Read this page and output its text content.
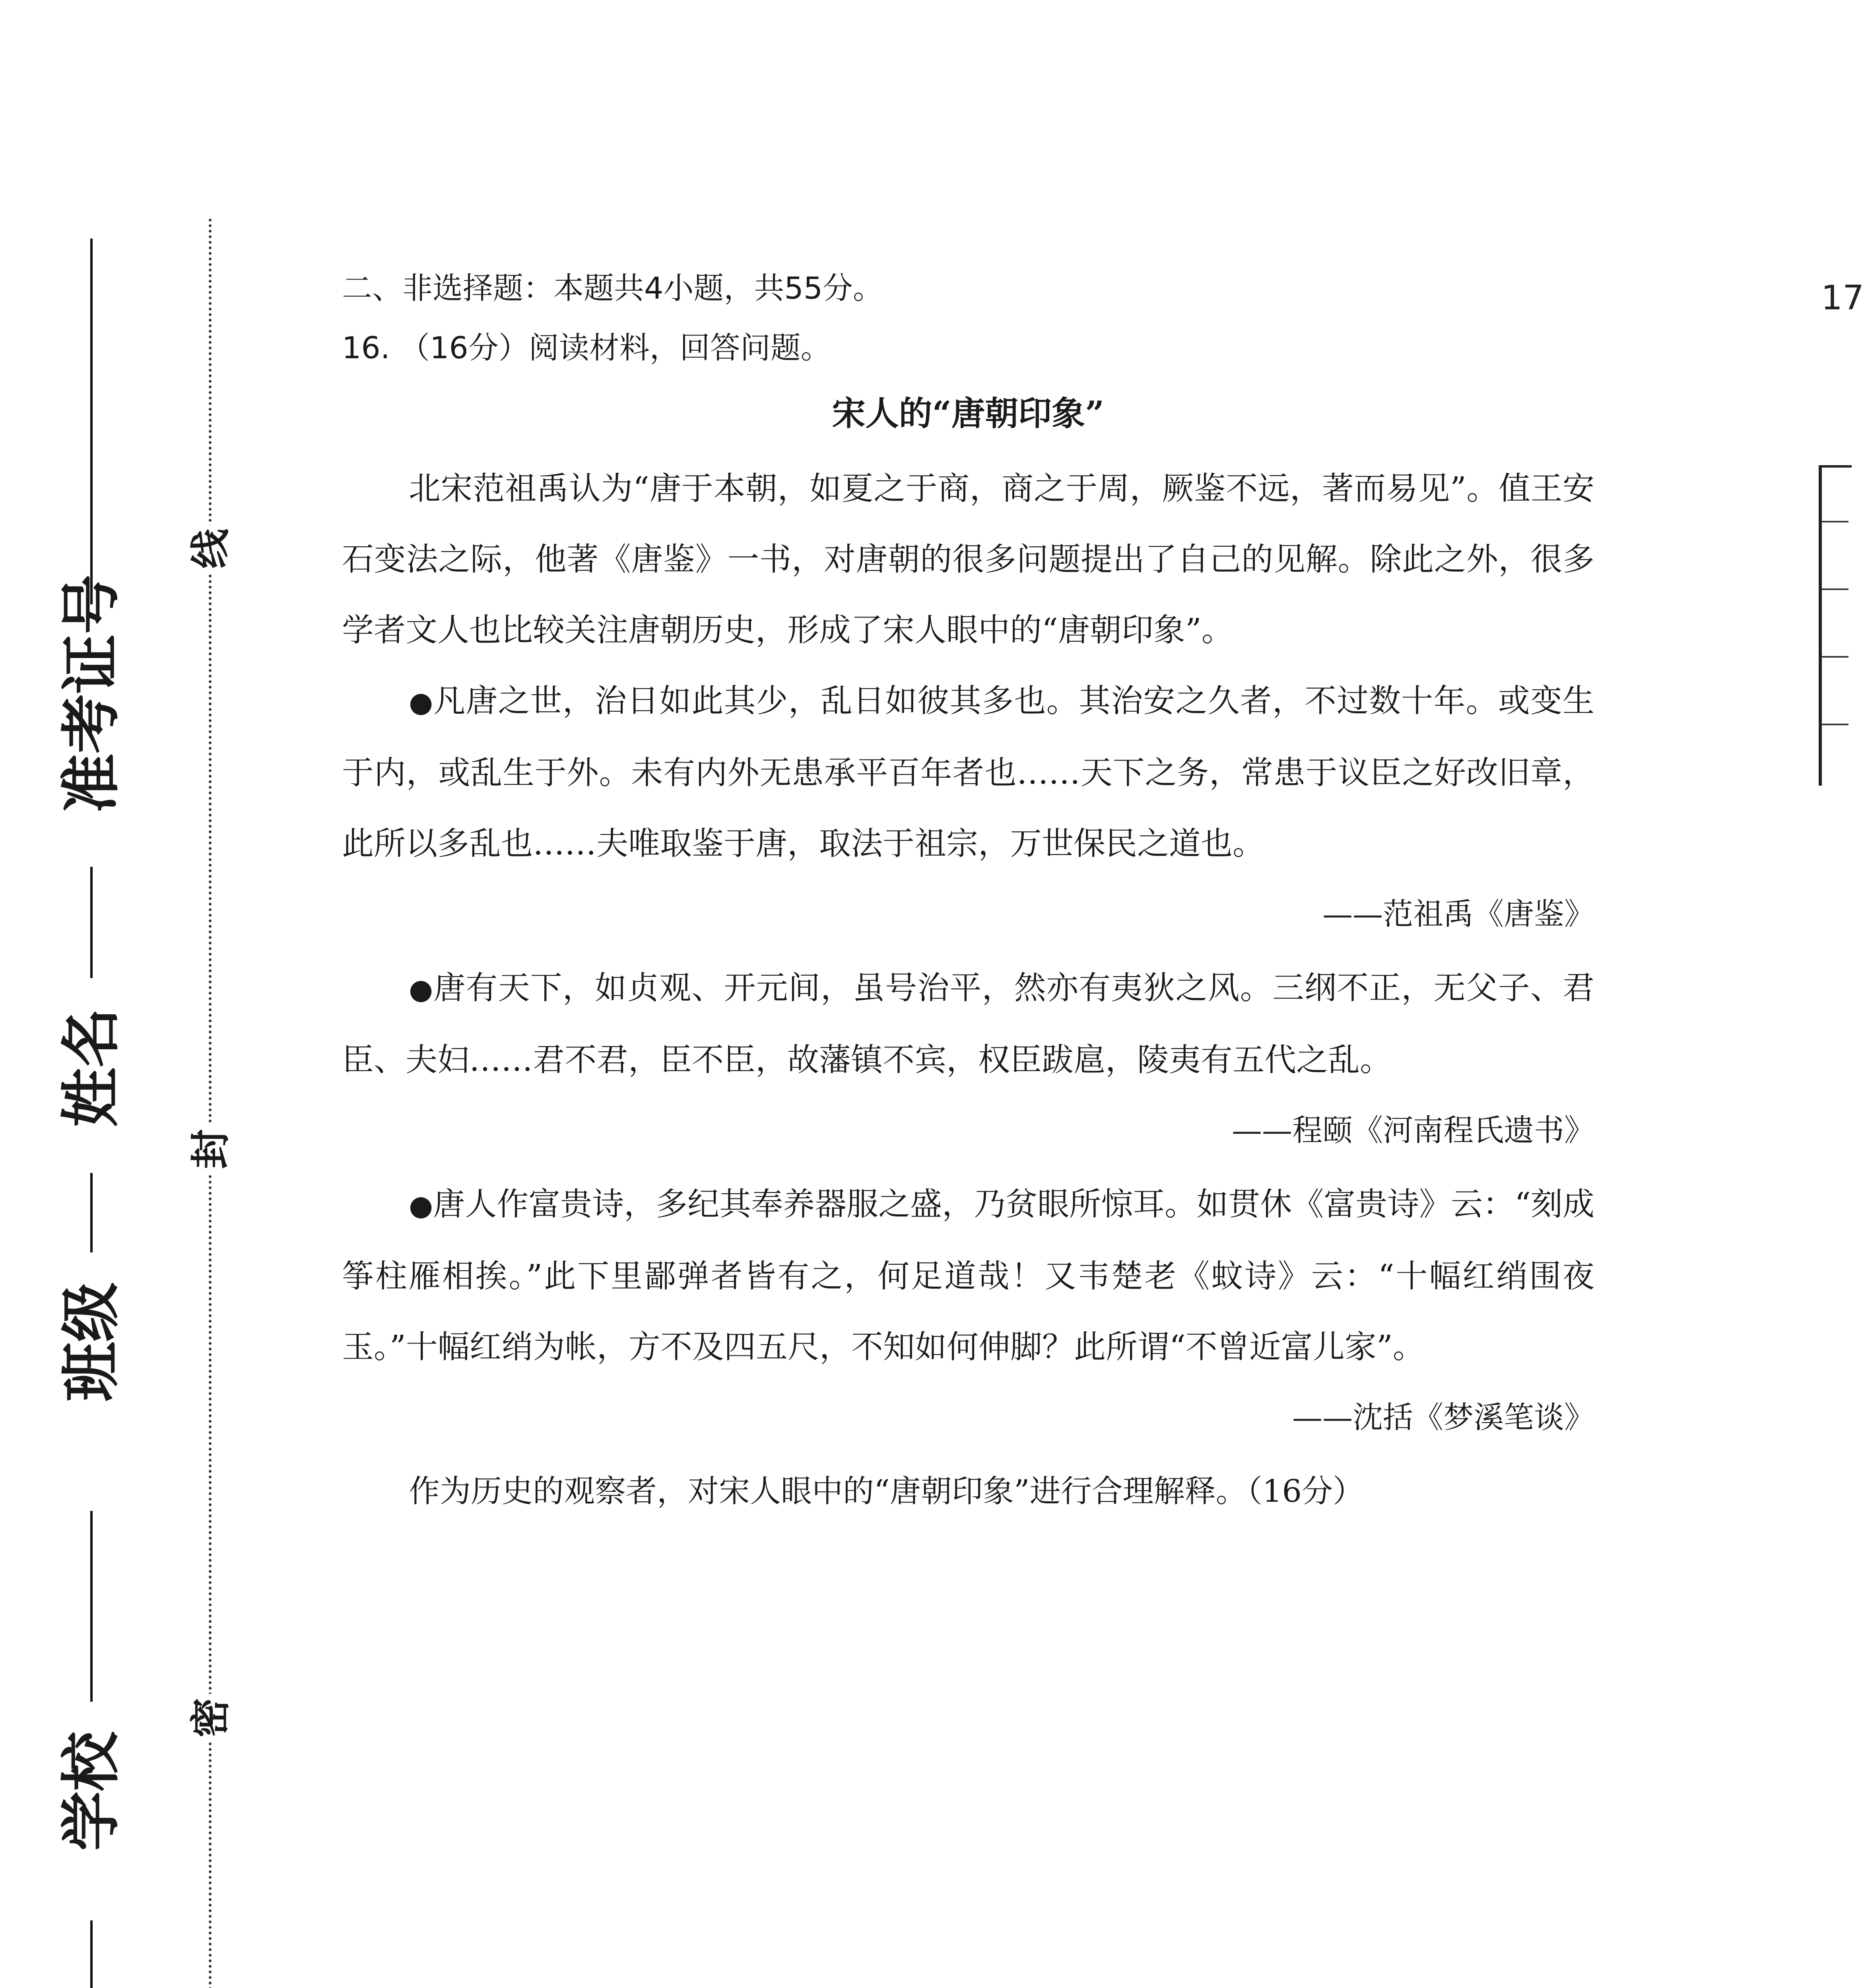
准考证号
姓名
班级
学校
线
封
密
17

二、非选择题：本题共4小题，共55分。

16. （16分）阅读材料，回答问题。

宋人的“唐朝印象”

北宋范祖禹认为“唐于本朝，如夏之于商，商之于周，厥鉴不远，著而易见”。值王安石变法之际，他著《唐鉴》一书，对唐朝的很多问题提出了自己的见解。除此之外，很多学者文人也比较关注唐朝历史，形成了宋人眼中的“唐朝印象”。

●凡唐之世，治日如此其少，乱日如彼其多也。其治安之久者，不过数十年。或变生于内，或乱生于外。未有内外无患承平百年者也……天下之务，常患于议臣之好改旧章，此所以多乱也……夫唯取鉴于唐，取法于祖宗，万世保民之道也。

——范祖禹《唐鉴》

●唐有天下，如贞观、开元间，虽号治平，然亦有夷狄之风。三纲不正，无父子、君臣、夫妇……君不君，臣不臣，故藩镇不宾，权臣跋扈，陵夷有五代之乱。

——程颐《河南程氏遗书》

●唐人作富贵诗，多纪其奉养器服之盛，乃贫眼所惊耳。如贯休《富贵诗》云：“刻成筝柱雁相挨。”此下里鄙弹者皆有之，何足道哉！又韦楚老《蚊诗》云：“十幅红绡围夜玉。”十幅红绡为帐，方不及四五尺，不知如何伸脚？此所谓“不曾近富儿家”。

——沈括《梦溪笔谈》

作为历史的观察者，对宋人眼中的“唐朝印象”进行合理解释。（16分）
